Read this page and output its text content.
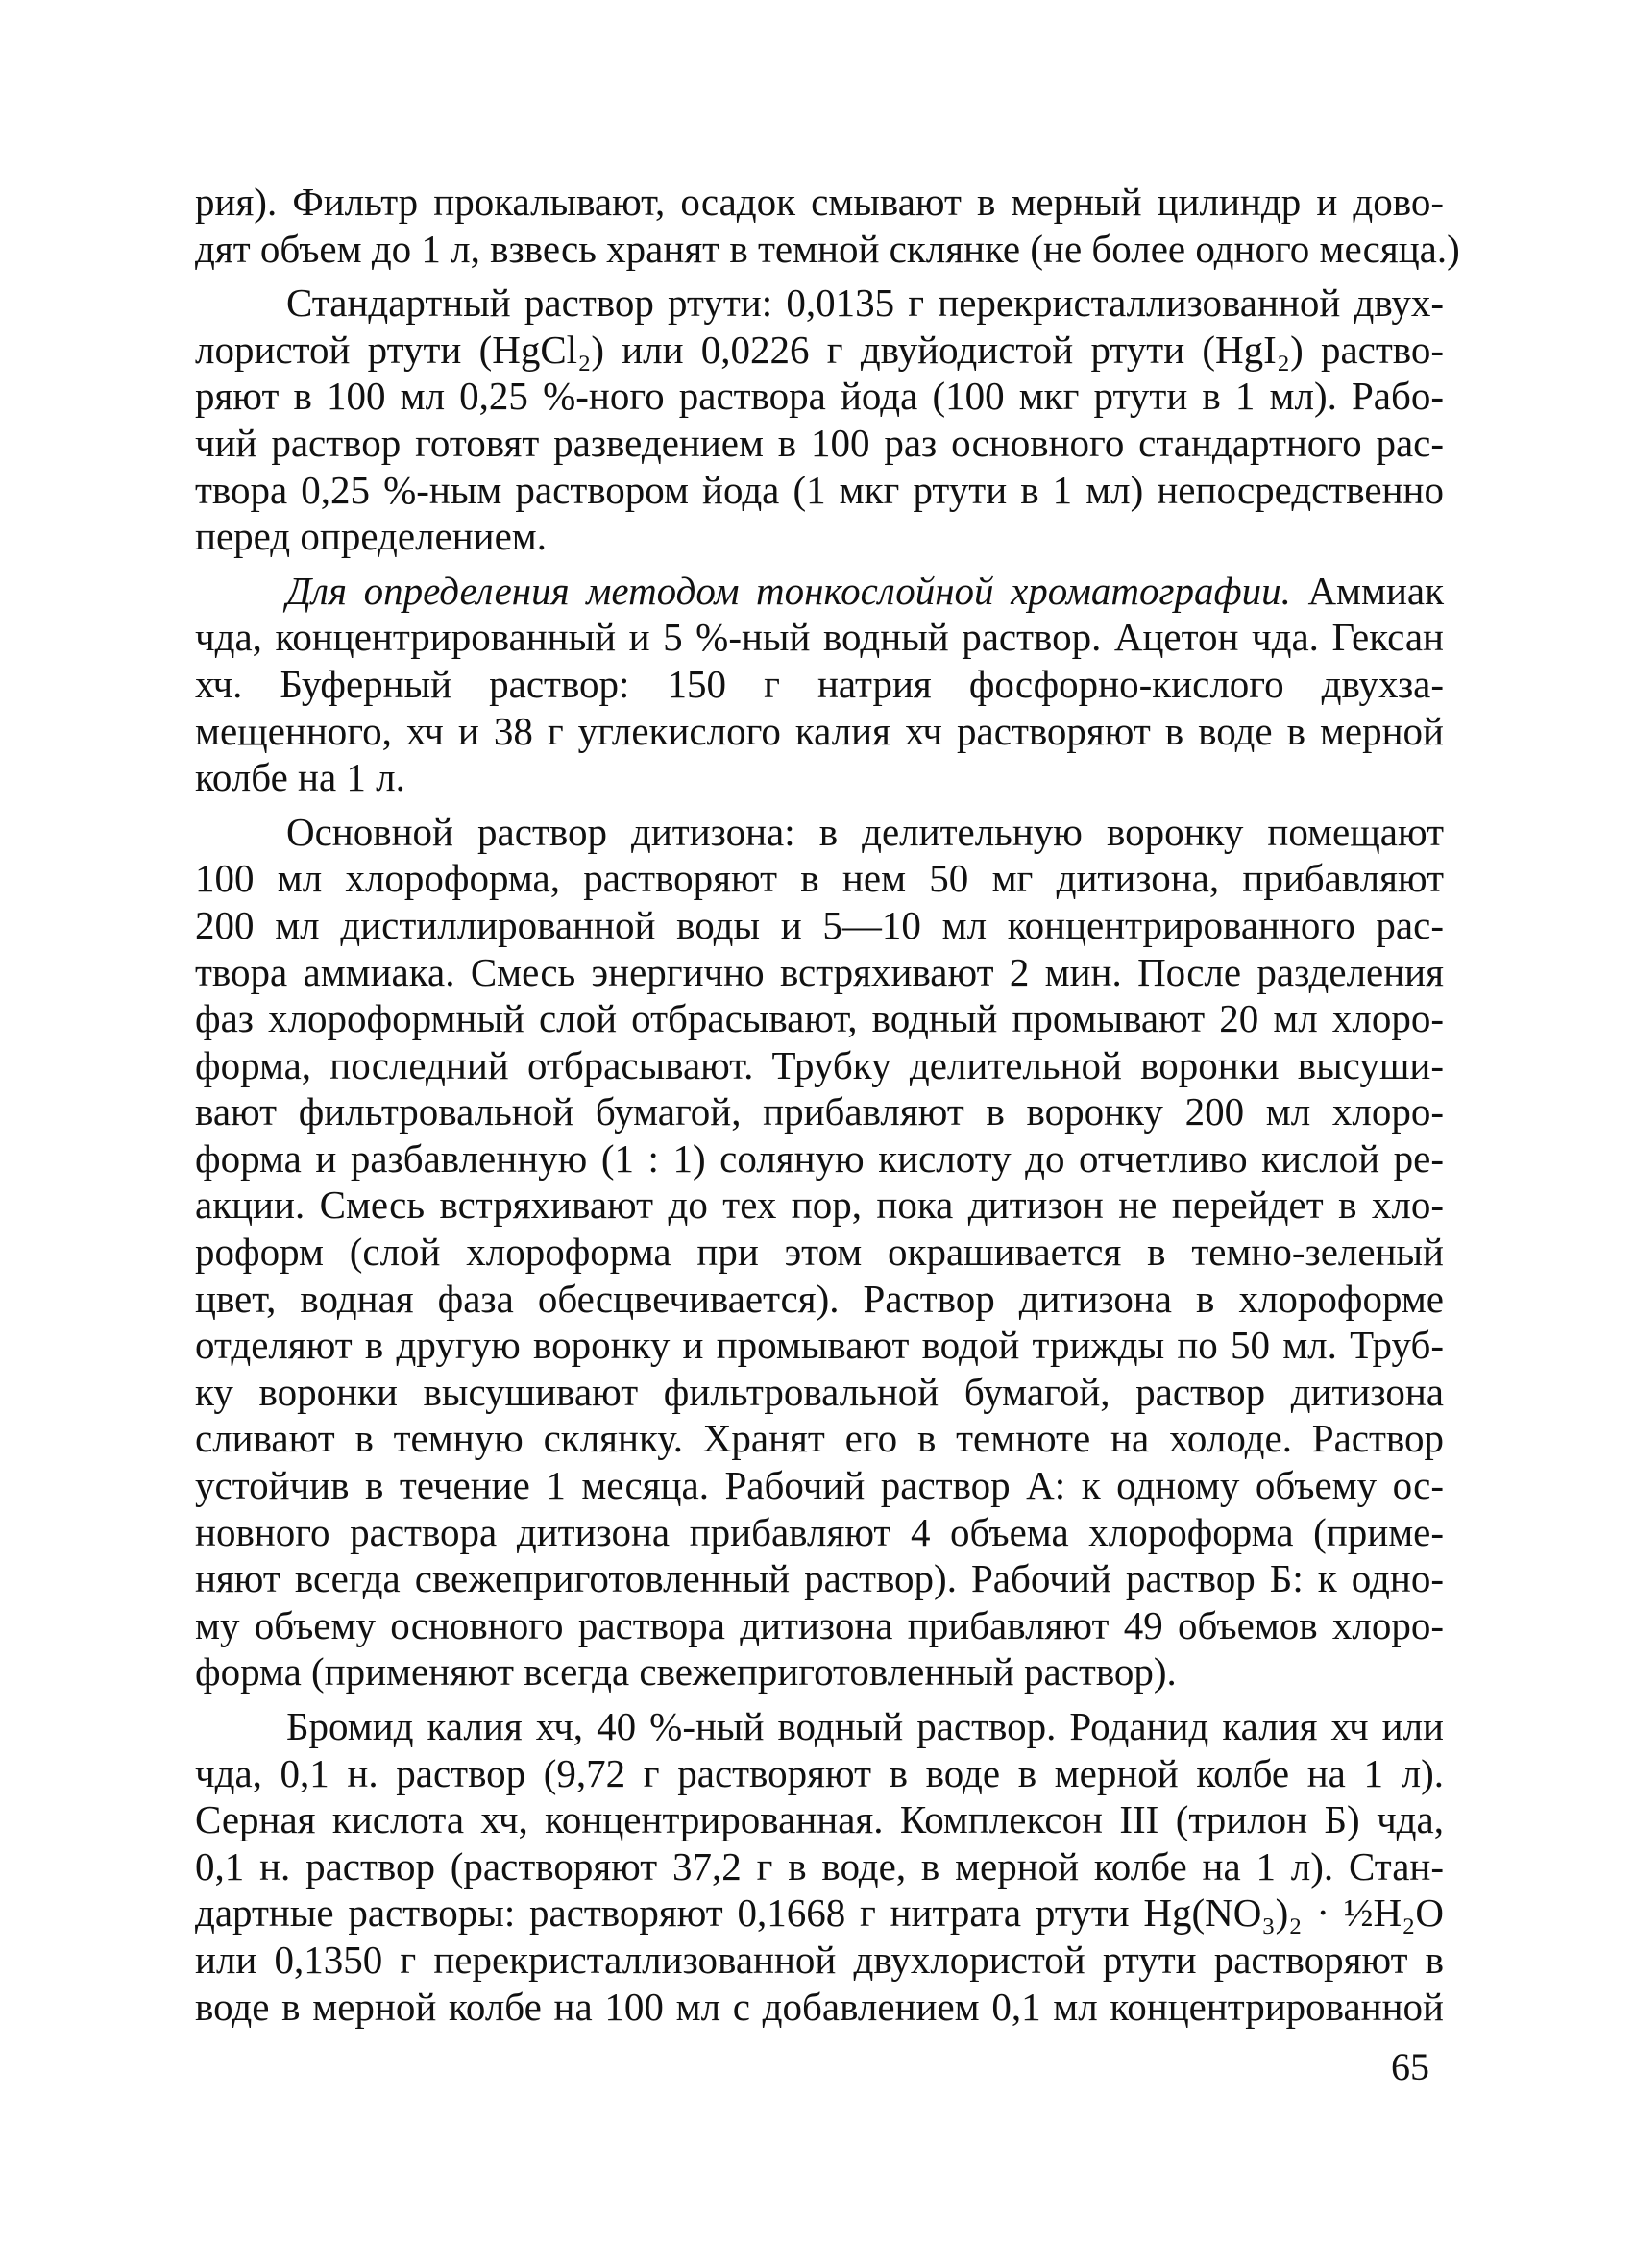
рия). Фильтр прокалывают, осадок смывают в мерный цилиндр и дово-
дят объем до 1 л, взвесь хранят в темной склянке (не более одного месяца.)

Стандартный раствор ртути: 0,0135 г перекристаллизованной двух-
лористой ртути (HgCl₂) или 0,0226 г двуйодистой ртути (HgI₂) раство-
ряют в 100 мл 0,25 %-ного раствора йода (100 мкг ртути в 1 мл). Рабо-
чий раствор готовят разведением в 100 раз основного стандартного рас-
твора 0,25 %-ным раствором йода (1 мкг ртути в 1 мл) непосредственно
перед определением.

Для определения методом тонкослойной хроматографии. Аммиак
чда, концентрированный и 5 %-ный водный раствор. Ацетон чда. Гексан
хч. Буферный раствор: 150 г натрия фосфорно-кислого двухза-
мещенного, хч и 38 г углекислого калия хч растворяют в воде в мерной
колбе на 1 л.

Основной раствор дитизона: в делительную воронку помещают
100 мл хлороформа, растворяют в нем 50 мг дитизона, прибавляют
200 мл дистиллированной воды и 5—10 мл концентрированного рас-
твора аммиака. Смесь энергично встряхивают 2 мин. После разделения
фаз хлороформный слой отбрасывают, водный промывают 20 мл хлоро-
форма, последний отбрасывают. Трубку делительной воронки высуши-
вают фильтровальной бумагой, прибавляют в воронку 200 мл хлоро-
форма и разбавленную (1 : 1) соляную кислоту до отчетливо кислой ре-
акции. Смесь встряхивают до тех пор, пока дитизон не перейдет в хло-
роформ (слой хлороформа при этом окрашивается в темно-зеленый
цвет, водная фаза обесцвечивается). Раствор дитизона в хлороформе
отделяют в другую воронку и промывают водой трижды по 50 мл. Труб-
ку воронки высушивают фильтровальной бумагой, раствор дитизона
сливают в темную склянку. Хранят его в темноте на холоде. Раствор
устойчив в течение 1 месяца. Рабочий раствор А: к одному объему ос-
новного раствора дитизона прибавляют 4 объема хлороформа (приме-
няют всегда свежеприготовленный раствор). Рабочий раствор Б: к одно-
му объему основного раствора дитизона прибавляют 49 объемов хлоро-
форма (применяют всегда свежеприготовленный раствор).

Бромид калия хч, 40 %-ный водный раствор. Роданид калия хч или
чда, 0,1 н. раствор (9,72 г растворяют в воде в мерной колбе на 1 л).
Серная кислота хч, концентрированная. Комплексон III (трилон Б) чда,
0,1 н. раствор (растворяют 37,2 г в воде, в мерной колбе на 1 л). Стан-
дартные растворы: растворяют 0,1668 г нитрата ртути Hg(NO₃)₂ · ½H₂O
или 0,1350 г перекристаллизованной двухлористой ртути растворяют в
воде в мерной колбе на 100 мл с добавлением 0,1 мл концентрированной

65
